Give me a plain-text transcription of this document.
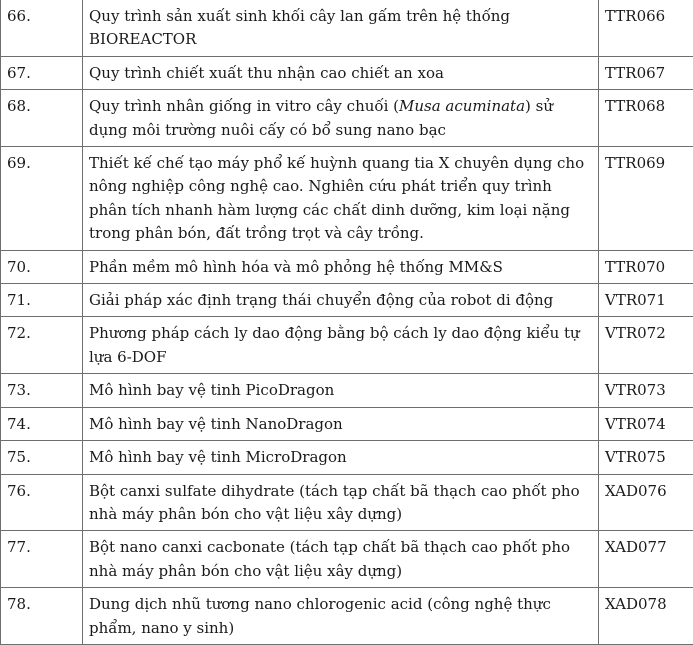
66.	Quy trình sản xuất sinh khối cây lan gấm trên hệ thống BIOREACTOR	TTR066
67.	Quy trình chiết xuất thu nhận cao chiết an xoa	TTR067
68.	Quy trình nhân giống in vitro cây chuối (Musa acuminata) sử dụng môi trường nuôi cấy có bổ sung nano bạc	TTR068
69.	Thiết kế chế tạo máy phổ kế huỳnh quang tia X chuyên dụng cho nông nghiệp công nghệ cao. Nghiên cứu phát triển quy trình phân tích nhanh hàm lượng các chất dinh dưỡng, kim loại nặng trong phân bón, đất trồng trọt và cây trồng.	TTR069
70.	Phần mềm mô hình hóa và mô phỏng hệ thống MM&S	TTR070
71.	Giải pháp xác định trạng thái chuyển động của robot di động	VTR071
72.	Phương pháp cách ly dao động bằng bộ cách ly dao động kiểu tự lựa 6-DOF	VTR072
73.	Mô hình bay vệ tinh PicoDragon	VTR073
74.	Mô hình bay vệ tinh NanoDragon	VTR074
75.	Mô hình bay vệ tinh MicroDragon	VTR075
76.	Bột canxi sulfate dihydrate (tách tạp chất bã thạch cao phốt pho nhà máy phân bón cho vật liệu xây dựng)	XAD076
77.	Bột nano canxi cacbonate (tách tạp chất bã thạch cao phốt pho nhà máy phân bón cho vật liệu xây dựng)	XAD077
78.	Dung dịch nhũ tương nano chlorogenic acid (công nghệ thực phẩm, nano y sinh)	XAD078
